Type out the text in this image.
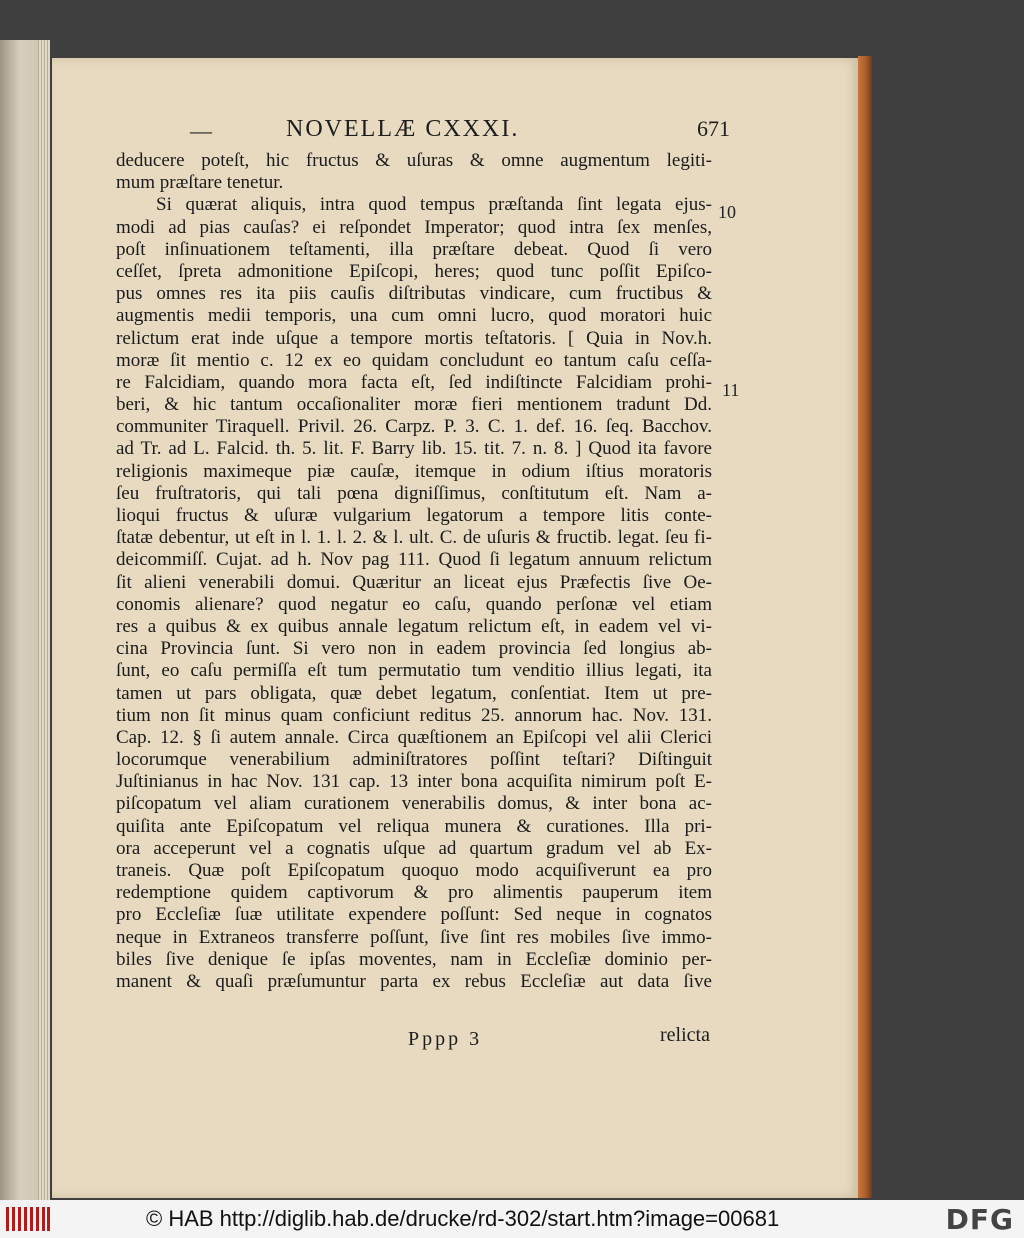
—	NOVELLÆ CXXXI.	671
deducere poteſt, hic fructus & uſuras & omne augmentum legiti-
mum præſtare tenetur.
Si quærat aliquis, intra quod tempus præſtanda ſint legata ejus-
modi ad pias cauſas? ei reſpondet Imperator; quod intra ſex menſes,
poſt inſinuationem teſtamenti, illa præſtare debeat. Quod ſi vero
ceſſet, ſpreta admonitione Epiſcopi, heres; quod tunc poſſit Epiſco-
pus omnes res ita piis cauſis diſtributas vindicare, cum fructibus &
augmentis medii temporis, una cum omni lucro, quod moratori huic
relictum erat inde uſque a tempore mortis teſtatoris. [ Quia in Nov.h.
moræ ſit mentio c. 12 ex eo quidam concludunt eo tantum caſu ceſſa-
re Falcidiam, quando mora facta eſt, ſed indiſtincte Falcidiam prohi-
beri, & hic tantum occaſionaliter moræ fieri mentionem tradunt Dd.
communiter Tiraquell. Privil. 26. Carpz. P. 3. C. 1. def. 16. ſeq. Bacchov.
ad Tr. ad L. Falcid. th. 5. lit. F. Barry lib. 15. tit. 7. n. 8. ] Quod ita favore
religionis maximeque piæ cauſæ, itemque in odium iſtius moratoris
ſeu fruſtratoris, qui tali pœna digniſſimus, conſtitutum eſt. Nam a-
lioqui fructus & uſuræ vulgarium legatorum a tempore litis conte-
ſtatæ debentur, ut eſt in l. 1. l. 2. & l. ult. C. de uſuris & fructib. legat. ſeu fi-
deicommiſſ. Cujat. ad h. Nov pag 111. Quod ſi legatum annuum relictum
ſit alieni venerabili domui. Quæritur an liceat ejus Præfectis ſive Oe-
conomis alienare? quod negatur eo caſu, quando perſonæ vel etiam
res a quibus & ex quibus annale legatum relictum eſt, in eadem vel vi-
cina Provincia ſunt. Si vero non in eadem provincia ſed longius ab-
ſunt, eo caſu permiſſa eſt tum permutatio tum venditio illius legati, ita
tamen ut pars obligata, quæ debet legatum, conſentiat. Item ut pre-
tium non ſit minus quam conficiunt reditus 25. annorum hac. Nov. 131.
Cap. 12. § ſi autem annale. Circa quæſtionem an Epiſcopi vel alii Clerici
locorumque venerabilium adminiſtratores poſſint teſtari? Diſtinguit
Juſtinianus in hac Nov. 131 cap. 13 inter bona acquiſita nimirum poſt E-
piſcopatum vel aliam curationem venerabilis domus, & inter bona ac-
quiſita ante Epiſcopatum vel reliqua munera & curationes. Illa pri-
ora acceperunt vel a cognatis uſque ad quartum gradum vel ab Ex-
traneis. Quæ poſt Epiſcopatum quoquo modo acquiſiverunt ea pro
redemptione quidem captivorum & pro alimentis pauperum item
pro Eccleſiæ ſuæ utilitate expendere poſſunt: Sed neque in cognatos
neque in Extraneos transferre poſſunt, ſive ſint res mobiles ſive immo-
biles ſive denique ſe ipſas moventes, nam in Eccleſiæ dominio per-
manent & quaſi præſumuntur parta ex rebus Eccleſiæ aut data ſive
10
11
Pppp 3	relicta
© HAB http://diglib.hab.de/drucke/rd-302/start.htm?image=00681	DFG
